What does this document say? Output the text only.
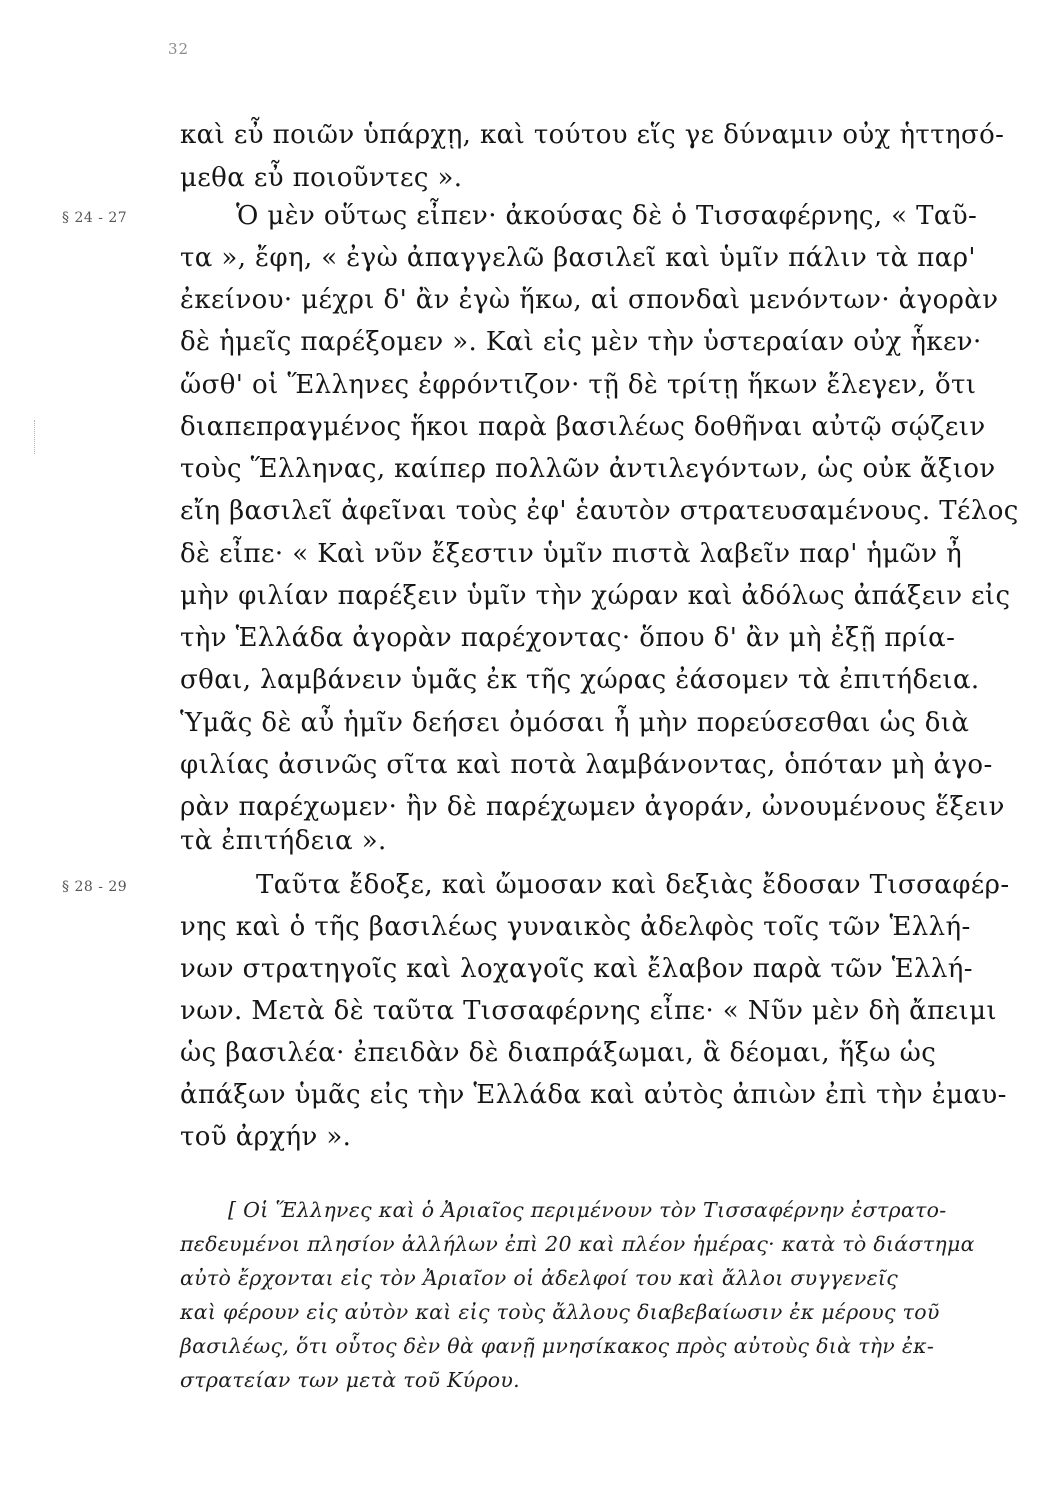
32
§ 24 - 27
§ 28 - 29
καὶ εὖ ποιῶν ὑπάρχῃ, καὶ τούτου εἵς γε δύναμιν οὐχ ἡττησό-
μεθα εὖ ποιοῦντες ».
Ὁ μὲν οὕτως εἶπεν· ἀκούσας δὲ ὁ Τισσαφέρνης, « Ταῦ-
τα », ἔφη, « ἐγὼ ἀπαγγελῶ βασιλεῖ καὶ ὑμῖν πάλιν τὰ παρ'
ἐκείνου· μέχρι δ' ἂν ἐγὼ ἥκω, αἱ σπονδαὶ μενόντων· ἀγορὰν
δὲ ἡμεῖς παρέξομεν ». Καὶ εἰς μὲν τὴν ὑστεραίαν οὐχ ἧκεν·
ὥσθ' οἱ Ἕλληνες ἐφρόντιζον· τῇ δὲ τρίτῃ ἥκων ἔλεγεν, ὅτι
διαπεπραγμένος ἥκοι παρὰ βασιλέως δοθῆναι αὐτῷ σῴζειν
τοὺς Ἕλληνας, καίπερ πολλῶν ἀντιλεγόντων, ὡς οὐκ ἄξιον
εἴη βασιλεῖ ἀφεῖναι τοὺς ἐφ' ἑαυτὸν στρατευσαμένους. Τέλος
δὲ εἶπε· « Καὶ νῦν ἔξεστιν ὑμῖν πιστὰ λαβεῖν παρ' ἡμῶν ἦ
μὴν φιλίαν παρέξειν ὑμῖν τὴν χώραν καὶ ἀδόλως ἀπάξειν εἰς
τὴν Ἑλλάδα ἀγορὰν παρέχοντας· ὅπου δ' ἂν μὴ ἐξῇ πρία-
σθαι, λαμβάνειν ὑμᾶς ἐκ τῆς χώρας ἐάσομεν τὰ ἐπιτήδεια.
Ὑμᾶς δὲ αὖ ἡμῖν δεήσει ὀμόσαι ἦ μὴν πορεύσεσθαι ὡς διὰ
φιλίας ἀσινῶς σῖτα καὶ ποτὰ λαμβάνοντας, ὁπόταν μὴ ἀγο-
ρὰν παρέχωμεν· ἢν δὲ παρέχωμεν ἀγοράν, ὠνουμένους ἕξειν
τὰ ἐπιτήδεια ».
Ταῦτα ἔδοξε, καὶ ὤμοσαν καὶ δεξιὰς ἔδοσαν Τισσαφέρ-
νης καὶ ὁ τῆς βασιλέως γυναικὸς ἀδελφὸς τοῖς τῶν Ἑλλή-
νων στρατηγοῖς καὶ λοχαγοῖς καὶ ἔλαβον παρὰ τῶν Ἑλλή-
νων. Μετὰ δὲ ταῦτα Τισσαφέρνης εἶπε· « Νῦν μὲν δὴ ἄπειμι
ὡς βασιλέα· ἐπειδὰν δὲ διαπράξωμαι, ἃ δέομαι, ἥξω ὡς
ἀπάξων ὑμᾶς εἰς τὴν Ἑλλάδα καὶ αὐτὸς ἀπιὼν ἐπὶ τὴν ἐμαυ-
τοῦ ἀρχήν ».
[ Οἱ Ἕλληνες καὶ ὁ Ἀριαῖος περιμένουν τὸν Τισσαφέρνην ἐστρατο-
πεδευμένοι πλησίον ἀλλήλων ἐπὶ 20 καὶ πλέον ἡμέρας· κατὰ τὸ διάστημα
αὐτὸ ἔρχονται εἰς τὸν Ἀριαῖον οἱ ἀδελφοί του καὶ ἄλλοι συγγενεῖς
καὶ φέρουν εἰς αὐτὸν καὶ εἰς τοὺς ἄλλους διαβεβαίωσιν ἐκ μέρους τοῦ
βασιλέως, ὅτι οὗτος δὲν θὰ φανῇ μνησίκακος πρὸς αὐτοὺς διὰ τὴν ἐκ-
στρατείαν των μετὰ τοῦ Κύρου.
